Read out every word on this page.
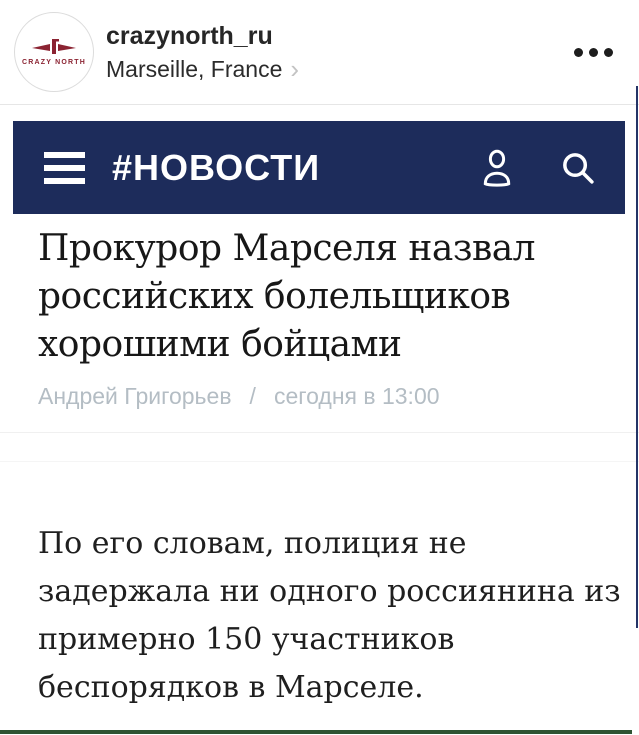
CRAZY NORTH
crazynorth_ru
Marseille, France ›
#НОВОСТИ
Прокурор Марселя назвал
российских болельщиков
хорошими бойцами
Андрей Григорьев / сегодня в 13:00
По его словам, полиция не
задержала ни одного россиянина из
примерно 150 участников
беспорядков в Марселе.
